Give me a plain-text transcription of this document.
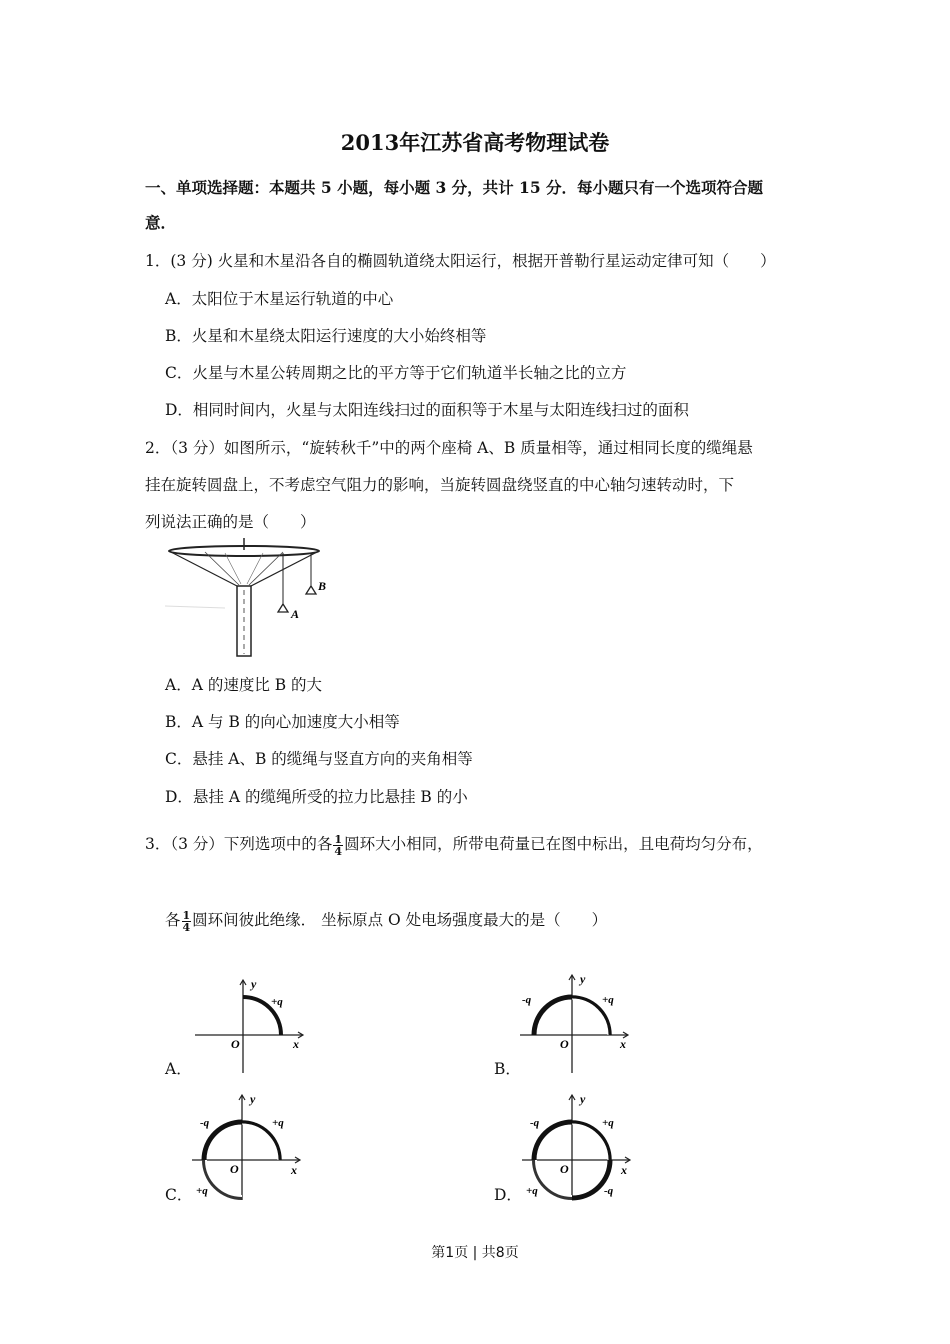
2013年江苏省高考物理试卷
一、单项选择题：本题共 5 小题，每小题 3 分，共计 15 分．每小题只有一个选项符合题
意．
1．(3 分) 火星和木星沿各自的椭圆轨道绕太阳运行，根据开普勒行星运动定律可知（　　）
A．太阳位于木星运行轨道的中心
B．火星和木星绕太阳运行速度的大小始终相等
C．火星与木星公转周期之比的平方等于它们轨道半长轴之比的立方
D．相同时间内，火星与太阳连线扫过的面积等于木星与太阳连线扫过的面积
2．（3 分）如图所示，“旋转秋千”中的两个座椅 A、B 质量相等，通过相同长度的缆绳悬
挂在旋转圆盘上，不考虑空气阻力的影响，当旋转圆盘绕竖直的中心轴匀速转动时，下
列说法正确的是（　　）
A
B
A．A 的速度比 B 的大
B．A 与 B 的向心加速度大小相等
C．悬挂 A、B 的缆绳与竖直方向的夹角相等
D．悬挂 A 的缆绳所受的拉力比悬挂 B 的小
3．（3 分）下列选项中的各 $\frac{1}{4}$ 圆环大小相同，所带电荷量已在图中标出，且电荷均匀分布，
各 $\frac{1}{4}$ 圆环间彼此绝缘． 坐标原点 O 处电场强度最大的是（　　）
A．
y
x
O
+q
B．
y
x
O
-q	+q
C．
y
x
O
-q	+q
+q	D．
y
x
O
-q	+q
+q	-q
第1页 | 共8页
